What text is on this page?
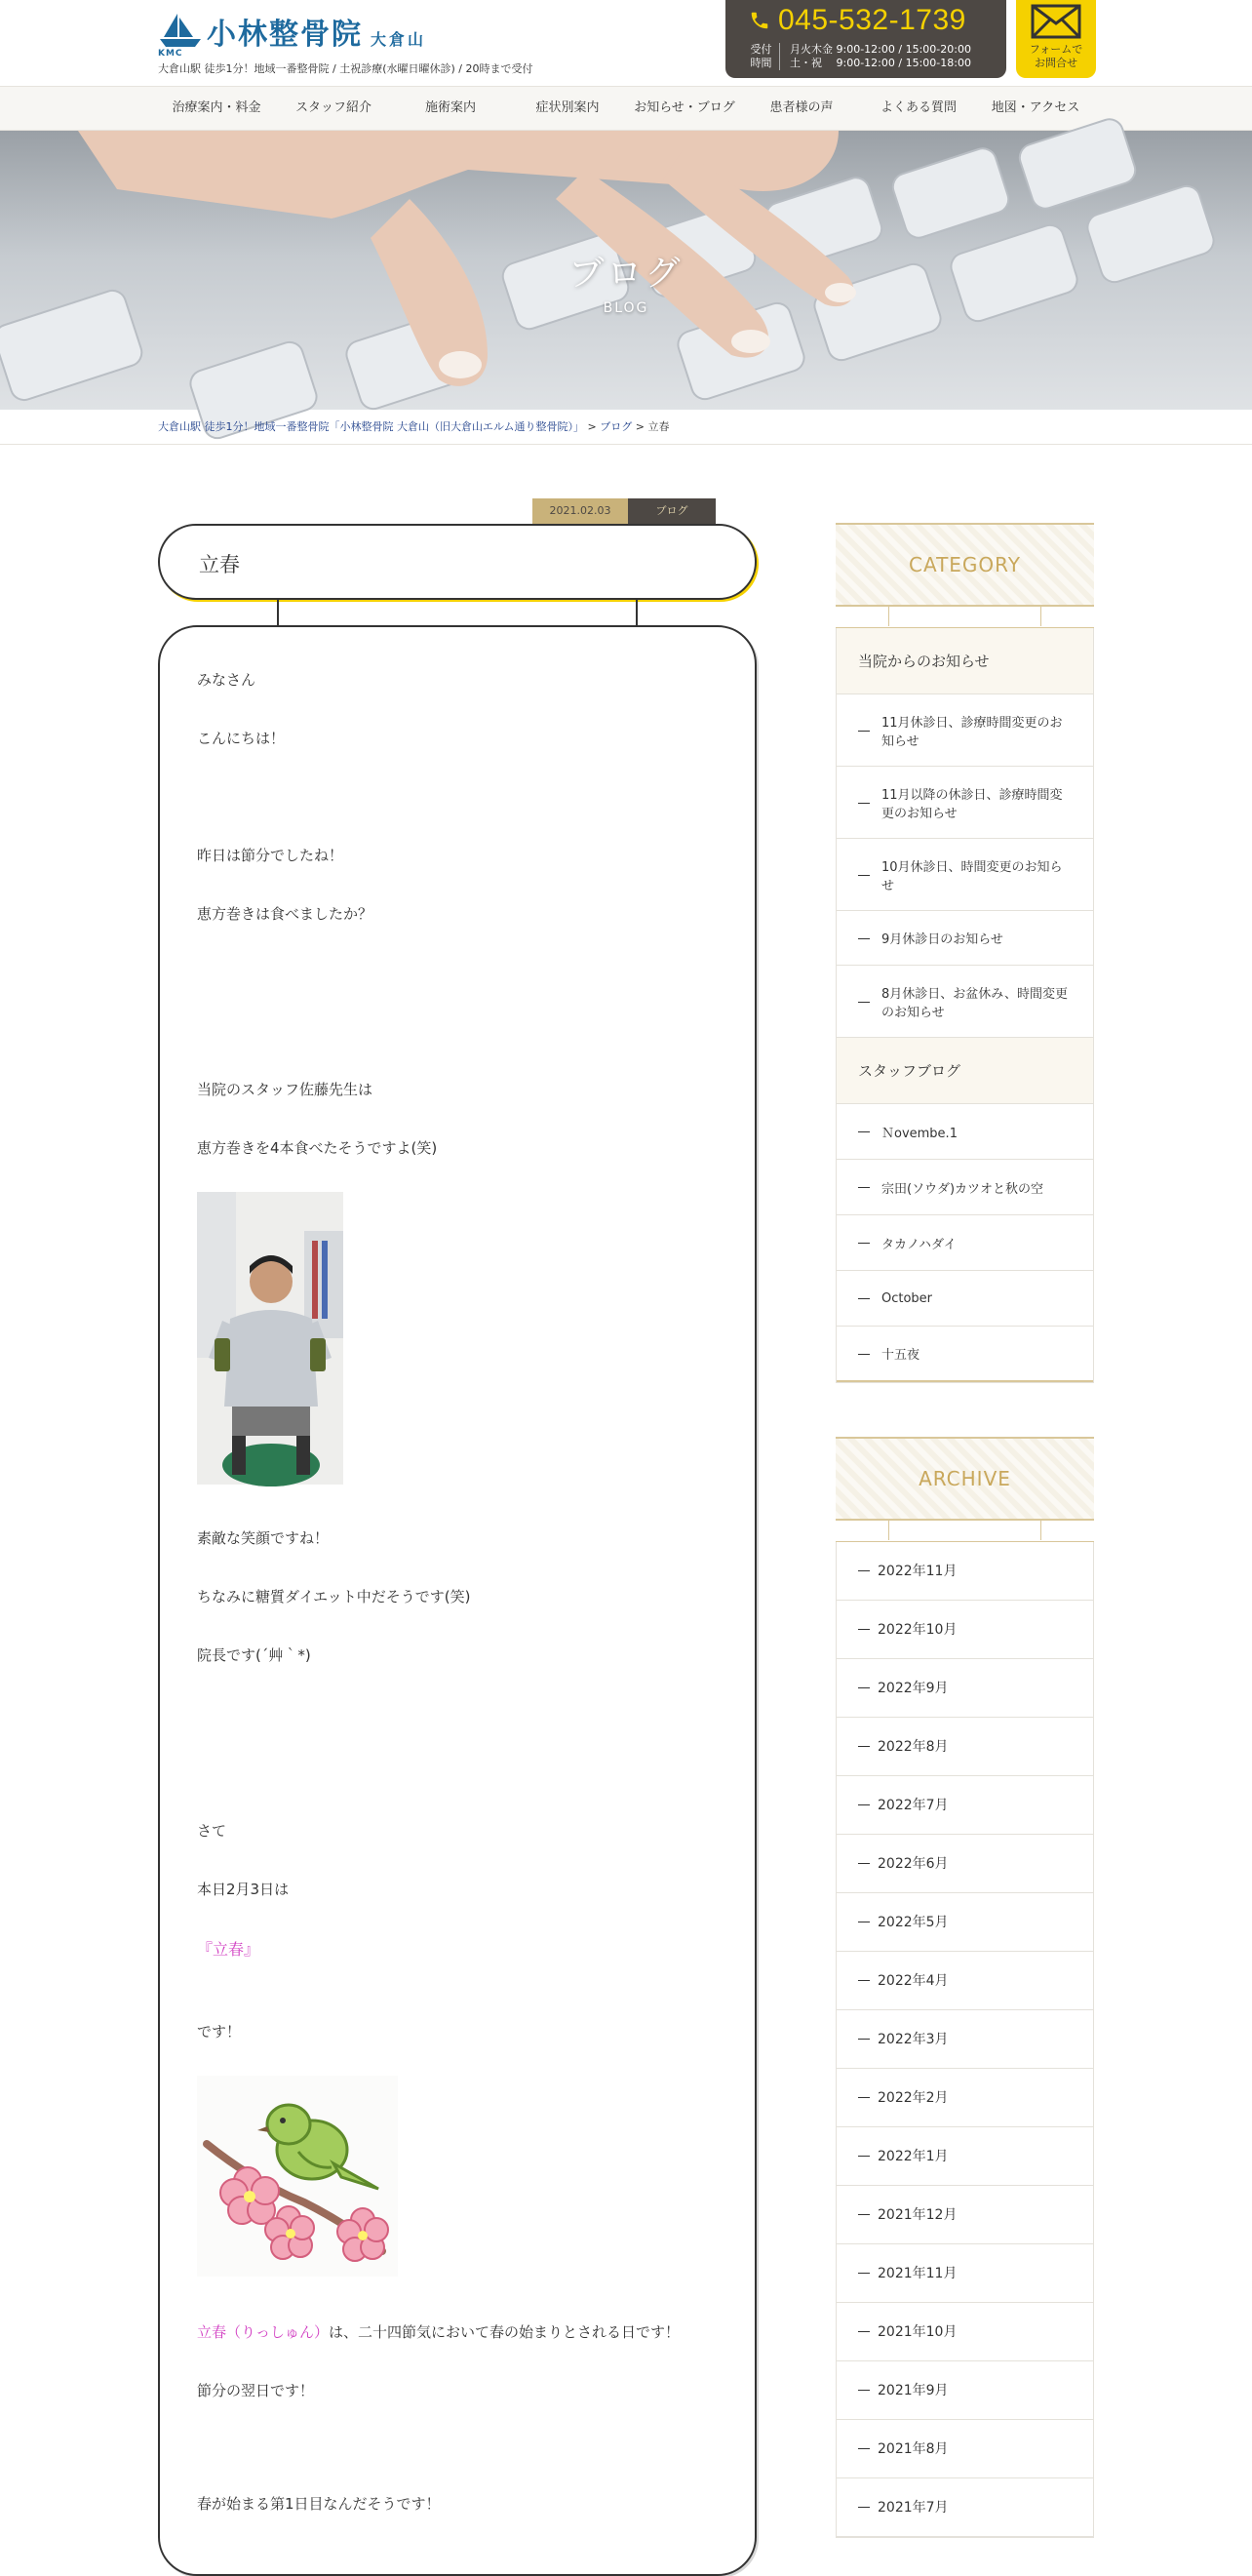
KMC
小林整骨院 大倉山
大倉山駅 徒歩1分！地域一番整骨院 / 土祝診療(水曜日曜休診) / 20時まで受付
045-532-1739
受付
時間
月火木金 9:00-12:00 / 15:00-20:00
土・祝　 9:00-12:00 / 15:00-18:00
フォームで
お問合せ
治療案内・料金	スタッフ紹介	施術案内	症状別案内	お知らせ・ブログ	患者様の声	よくある質問	地図・アクセス
ブログ
BLOG
大倉山駅 徒歩1分！地域一番整骨院「小林整骨院 大倉山（旧大倉山エルム通り整骨院）」 > ブログ > 立春
2021.02.03	ブログ
立春
みなさん
こんにちは！
昨日は節分でしたね！
恵方巻きは食べましたか？
当院のスタッフ佐藤先生は
恵方巻きを4本食べたそうですよ(笑)
素敵な笑顔ですね！
ちなみに糖質ダイエット中だそうです(笑)
院長です(´艸｀*)
さて
本日2月3日は
『立春』
です！
立春（りっしゅん）は、二十四節気において春の始まりとされる日です！
節分の翌日です！
春が始まる第1日目なんだそうです！
CATEGORY
当院からのお知らせ
11月休診日、診療時間変更のお知らせ
11月以降の休診日、診療時間変更のお知らせ
10月休診日、時間変更のお知らせ
9月休診日のお知らせ
8月休診日、お盆休み、時間変更のお知らせ
スタッフブログ
Ｎovembe.1
宗田(ソウダ)カツオと秋の空
タカノハダイ
October
十五夜
ARCHIVE
2022年11月
2022年10月
2022年9月
2022年8月
2022年7月
2022年6月
2022年5月
2022年4月
2022年3月
2022年2月
2022年1月
2021年12月
2021年11月
2021年10月
2021年9月
2021年8月
2021年7月
